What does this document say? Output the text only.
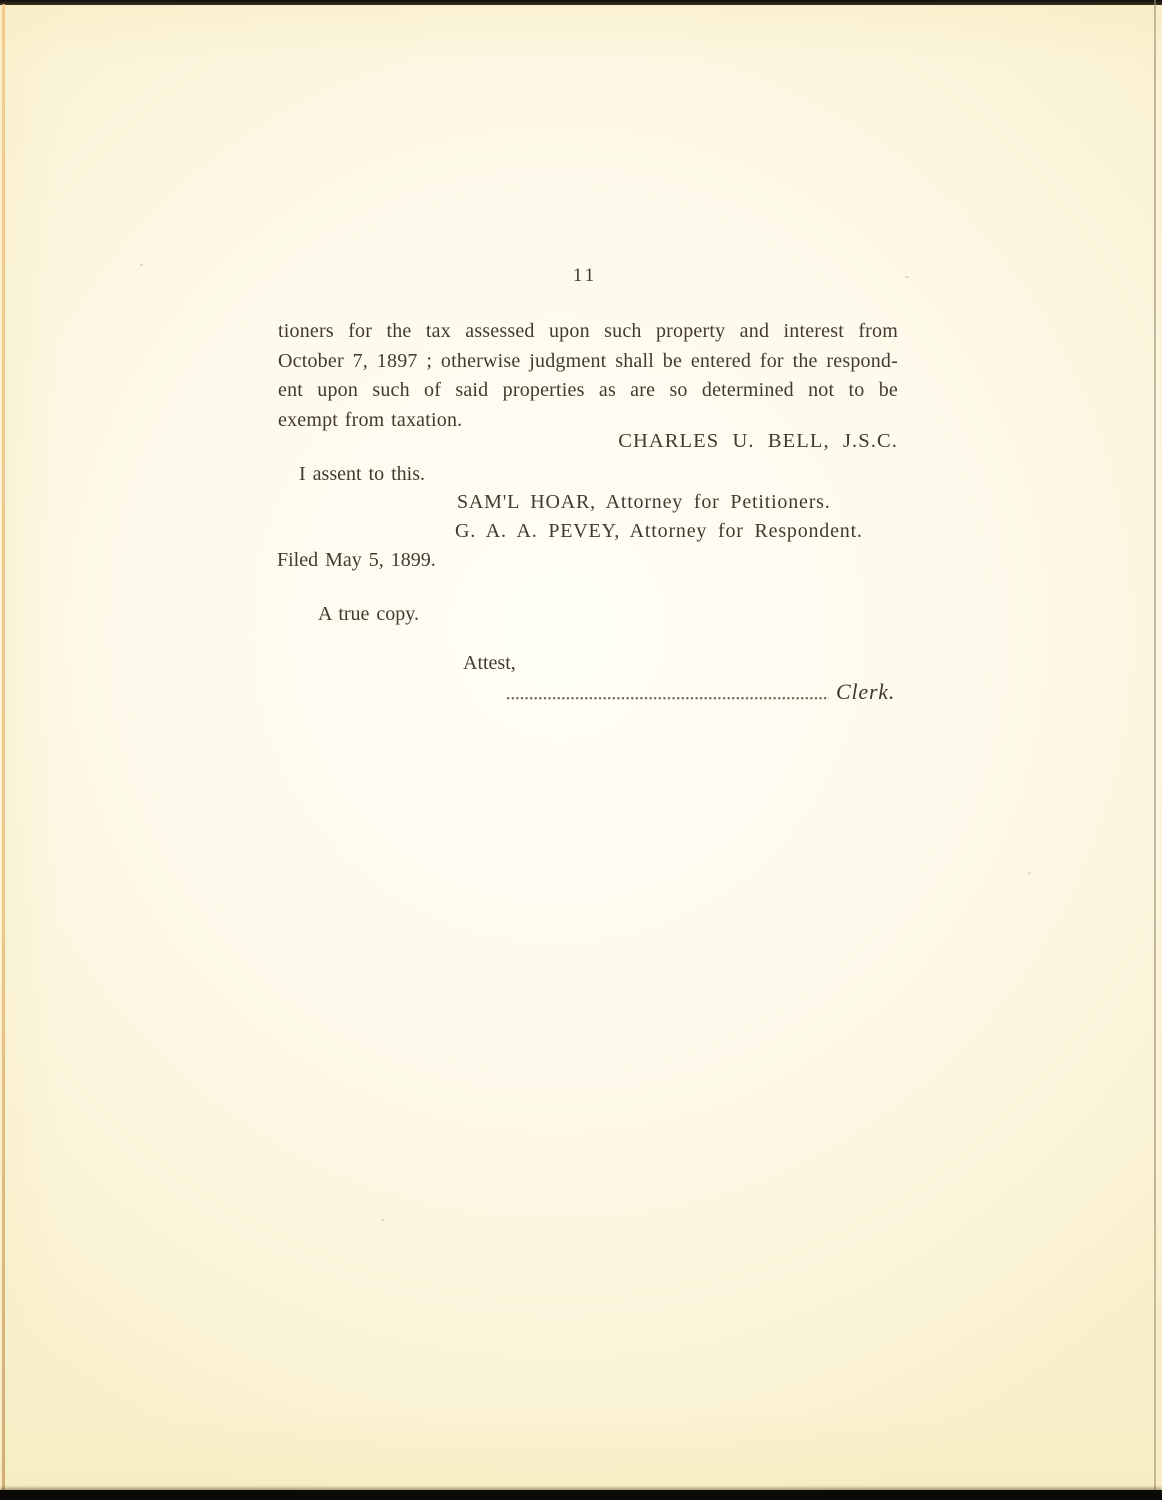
11
tioners for the tax assessed upon such property and interest from
October 7, 1897 ; otherwise judgment shall be entered for the respond-
ent upon such of said properties as are so determined not to be
exempt from taxation.
CHARLES U. BELL, J.S.C.
I assent to this.
SAM'L HOAR, Attorney for Petitioners.
G. A. A. PEVEY, Attorney for Respondent.
Filed May 5, 1899.
A true copy.
Attest,
Clerk.
